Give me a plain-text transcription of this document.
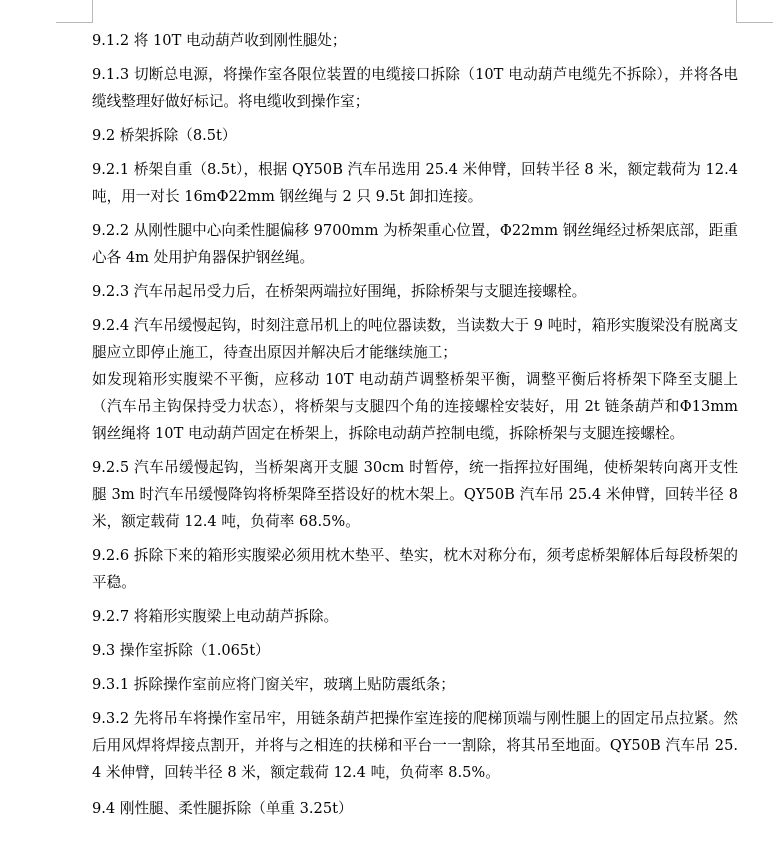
9.1.2 将 10T 电动葫芦收到刚性腿处；

9.1.3 切断总电源，将操作室各限位装置的电缆接口拆除（10T 电动葫芦电缆先不拆除），并将各电缆线整理好做好标记。将电缆收到操作室；

9.2 桥架拆除（8.5t）

9.2.1 桥架自重（8.5t），根据 QY50B 汽车吊选用 25.4 米伸臂，回转半径 8 米，额定载荷为 12.4 吨，用一对长 16mΦ22mm 钢丝绳与 2 只 9.5t 卸扣连接。

9.2.2 从刚性腿中心向柔性腿偏移 9700mm 为桥架重心位置，Φ22mm 钢丝绳经过桥架底部，距重心各 4m 处用护角器保护钢丝绳。

9.2.3 汽车吊起吊受力后，在桥架两端拉好围绳，拆除桥架与支腿连接螺栓。

9.2.4 汽车吊缓慢起钩，时刻注意吊机上的吨位器读数，当读数大于 9 吨时，箱形实腹梁没有脱离支腿应立即停止施工，待查出原因并解决后才能继续施工；

如发现箱形实腹梁不平衡，应移动 10T 电动葫芦调整桥架平衡，调整平衡后将桥架下降至支腿上（汽车吊主钩保持受力状态），将桥架与支腿四个角的连接螺栓安装好，用 2t 链条葫芦和Φ13mm 钢丝绳将 10T 电动葫芦固定在桥架上，拆除电动葫芦控制电缆，拆除桥架与支腿连接螺栓。

9.2.5 汽车吊缓慢起钩，当桥架离开支腿 30cm 时暂停，统一指挥拉好围绳，使桥架转向离开支性腿 3m 时汽车吊缓慢降钩将桥架降至搭设好的枕木架上。QY50B 汽车吊 25.4 米伸臂，回转半径 8 米，额定载荷 12.4 吨，负荷率 68.5%。

9.2.6 拆除下来的箱形实腹梁必须用枕木垫平、垫实，枕木对称分布，须考虑桥架解体后每段桥架的平稳。

9.2.7 将箱形实腹梁上电动葫芦拆除。

9.3 操作室拆除（1.065t）

9.3.1 拆除操作室前应将门窗关牢，玻璃上贴防震纸条；

9.3.2 先将吊车将操作室吊牢，用链条葫芦把操作室连接的爬梯顶端与刚性腿上的固定吊点拉紧。然后用风焊将焊接点割开，并将与之相连的扶梯和平台一一割除，将其吊至地面。QY50B 汽车吊 25.4 米伸臂，回转半径 8 米，额定载荷 12.4 吨，负荷率 8.5%。

9.4 刚性腿、柔性腿拆除（单重 3.25t）
